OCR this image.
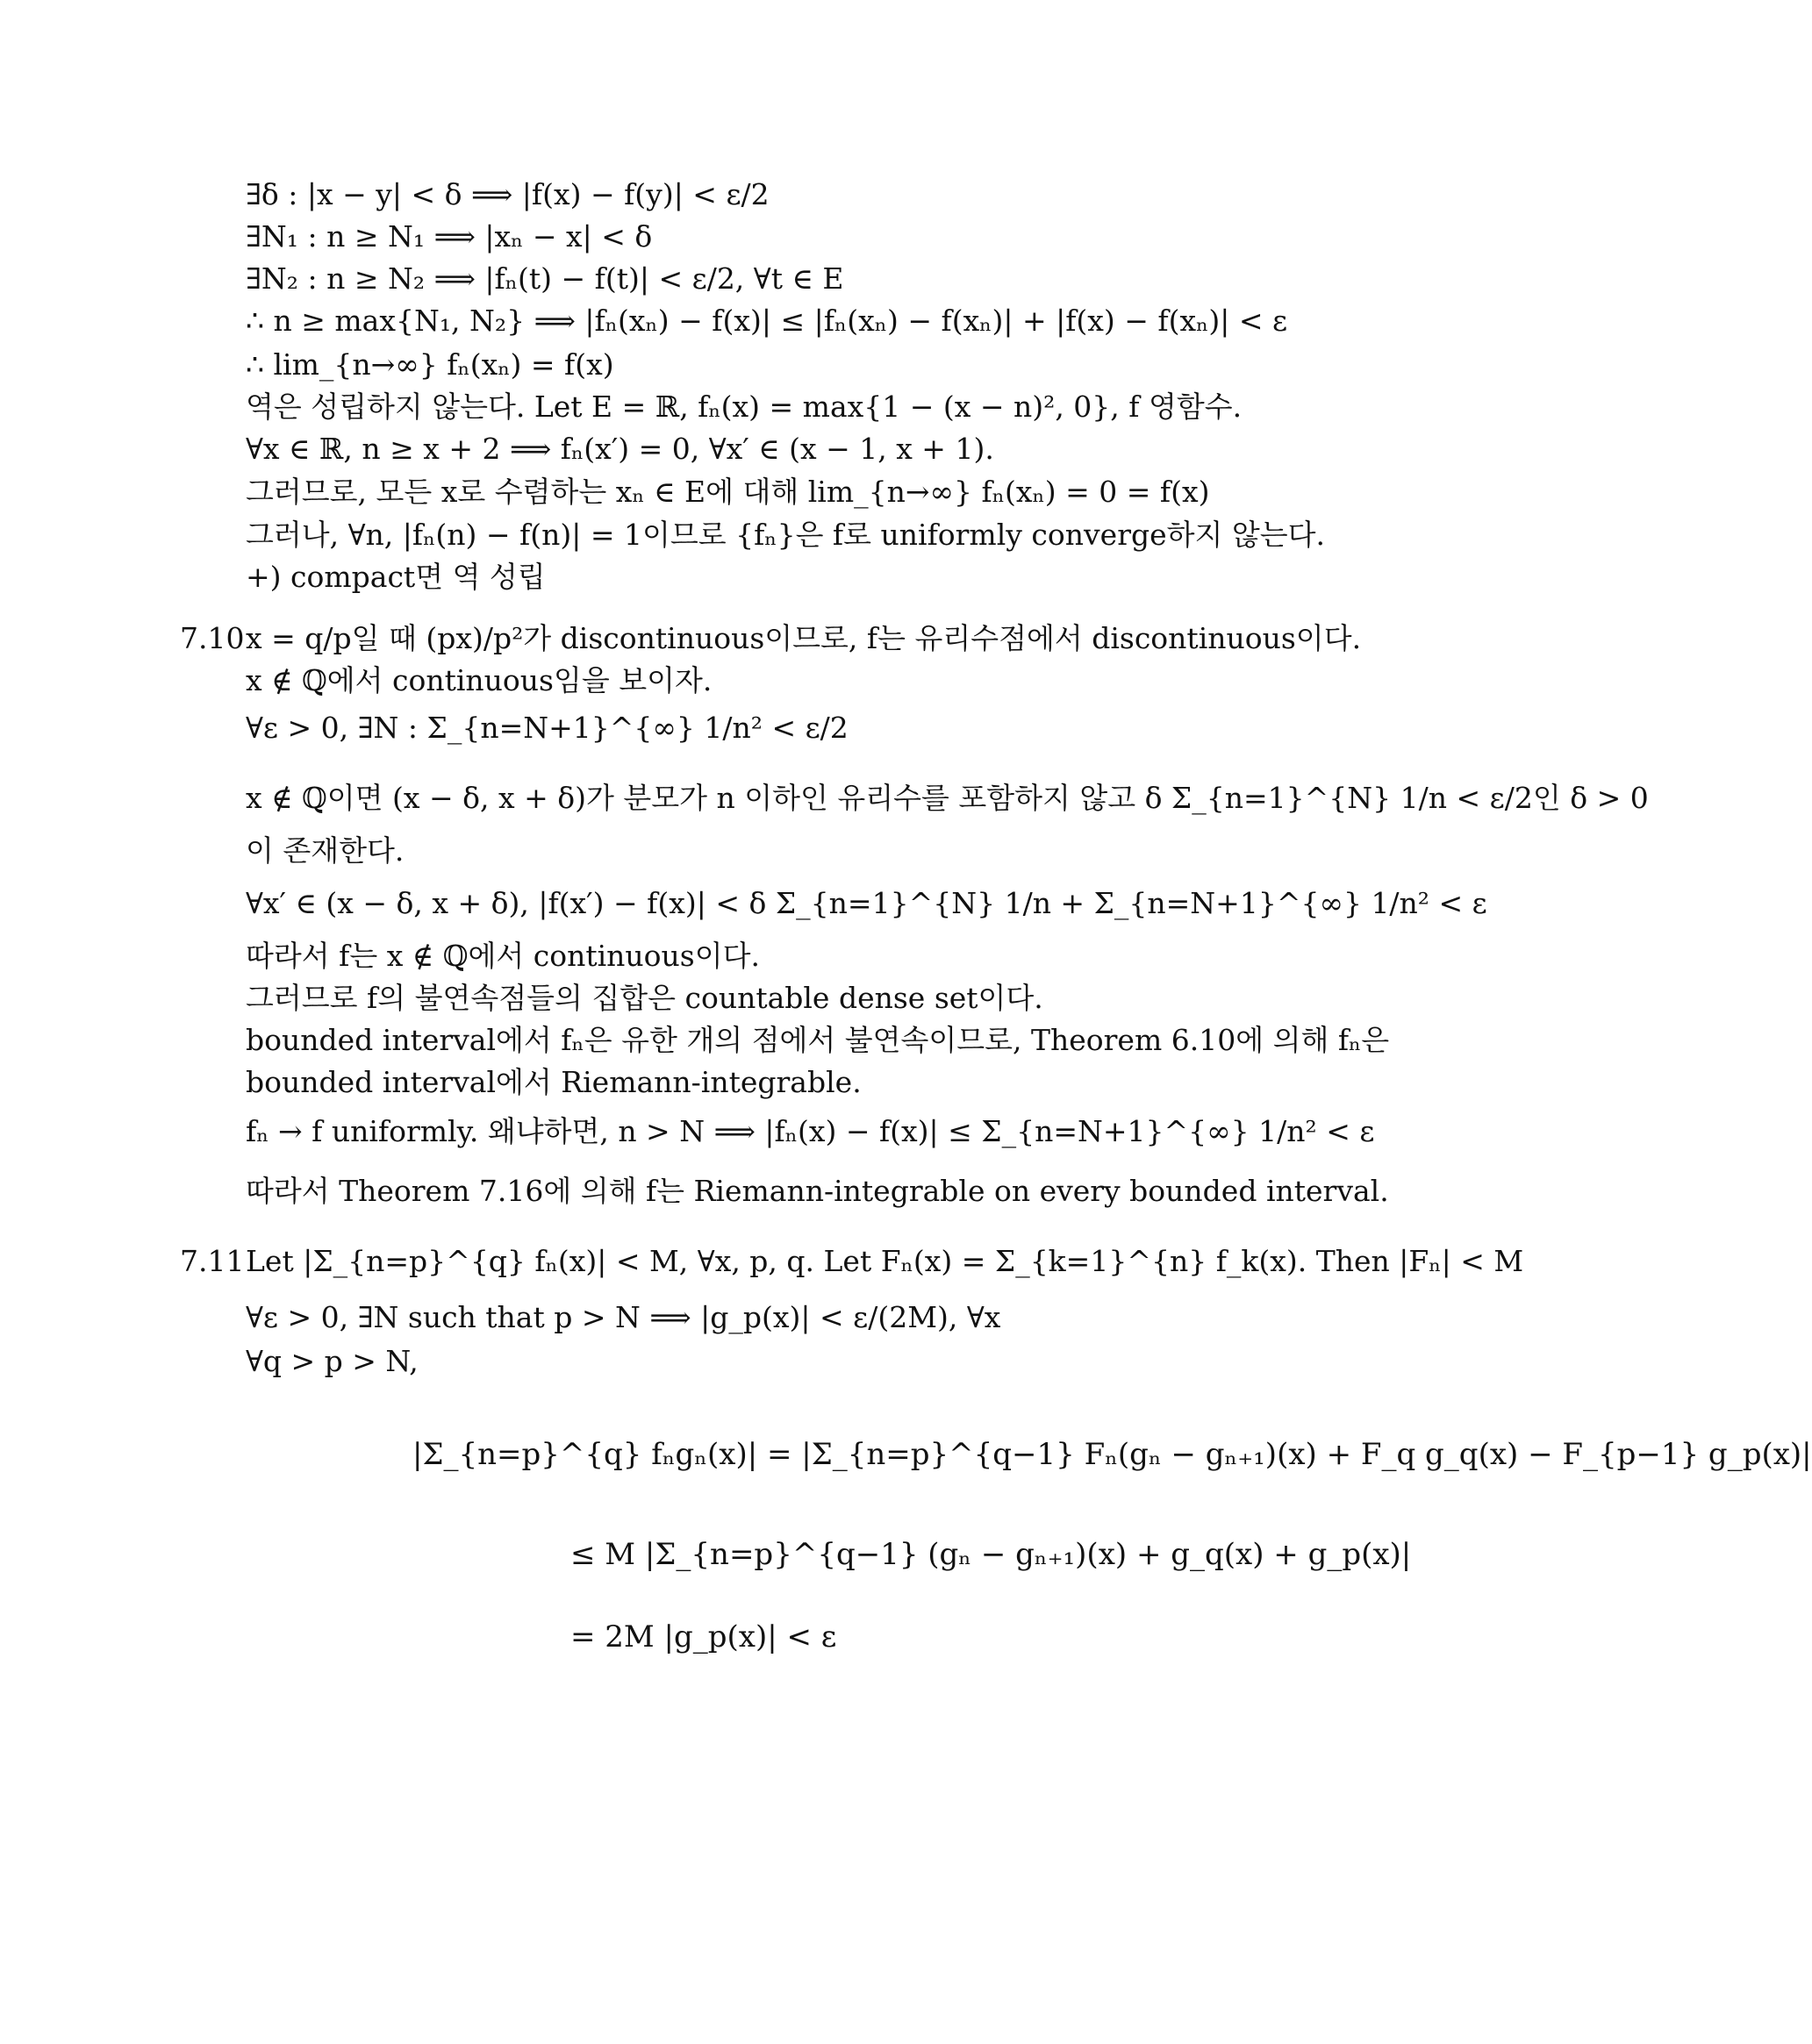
∃δ : |x − y| < δ ⟹ |f(x) − f(y)| < ε/2
∃N₁ : n ≥ N₁ ⟹ |xₙ − x| < δ
∃N₂ : n ≥ N₂ ⟹ |fₙ(t) − f(t)| < ε/2, ∀t ∈ E
∴ n ≥ max{N₁, N₂} ⟹ |fₙ(xₙ) − f(x)| ≤ |fₙ(xₙ) − f(xₙ)| + |f(x) − f(xₙ)| < ε
∴ lim_{n→∞} fₙ(xₙ) = f(x)
역은 성립하지 않는다. Let E = ℝ, fₙ(x) = max{1 − (x − n)², 0}, f 영함수.
∀x ∈ ℝ, n ≥ x + 2 ⟹ fₙ(x′) = 0, ∀x′ ∈ (x − 1, x + 1).
그러므로, 모든 x로 수렴하는 xₙ ∈ E에 대해 lim_{n→∞} fₙ(xₙ) = 0 = f(x)
그러나, ∀n, |fₙ(n) − f(n)| = 1이므로 {fₙ}은 f로 uniformly converge하지 않는다.
+) compact면 역 성립
7.10 x = q/p일 때 (px)/p²가 discontinuous이므로, f는 유리수점에서 discontinuous이다.
x ∉ ℚ에서 continuous임을 보이자.
∀ε > 0, ∃N : Σ_{n=N+1}^{∞} 1/n² < ε/2
x ∉ ℚ이면 (x − δ, x + δ)가 분모가 n 이하인 유리수를 포함하지 않고 δ Σ_{n=1}^{N} 1/n < ε/2인 δ > 0
이 존재한다.
∀x′ ∈ (x − δ, x + δ), |f(x′) − f(x)| < δ Σ_{n=1}^{N} 1/n + Σ_{n=N+1}^{∞} 1/n² < ε
따라서 f는 x ∉ ℚ에서 continuous이다.
그러므로 f의 불연속점들의 집합은 countable dense set이다.
bounded interval에서 fₙ은 유한 개의 점에서 불연속이므로, Theorem 6.10에 의해 fₙ은
bounded interval에서 Riemann-integrable.
fₙ → f uniformly. 왜냐하면, n > N ⟹ |fₙ(x) − f(x)| ≤ Σ_{n=N+1}^{∞} 1/n² < ε
따라서 Theorem 7.16에 의해 f는 Riemann-integrable on every bounded interval.
7.11 Let |Σ_{n=p}^{q} fₙ(x)| < M, ∀x, p, q. Let Fₙ(x) = Σ_{k=1}^{n} f_k(x). Then |Fₙ| < M
∀ε > 0, ∃N such that p > N ⟹ |g_p(x)| < ε/(2M), ∀x
∀q > p > N,
|Σ_{n=p}^{q} fₙgₙ(x)| = |Σ_{n=p}^{q−1} Fₙ(gₙ − gₙ₊₁)(x) + F_q g_q(x) − F_{p−1} g_p(x)|
≤ M |Σ_{n=p}^{q−1} (gₙ − gₙ₊₁)(x) + g_q(x) + g_p(x)|
= 2M |g_p(x)| < ε
